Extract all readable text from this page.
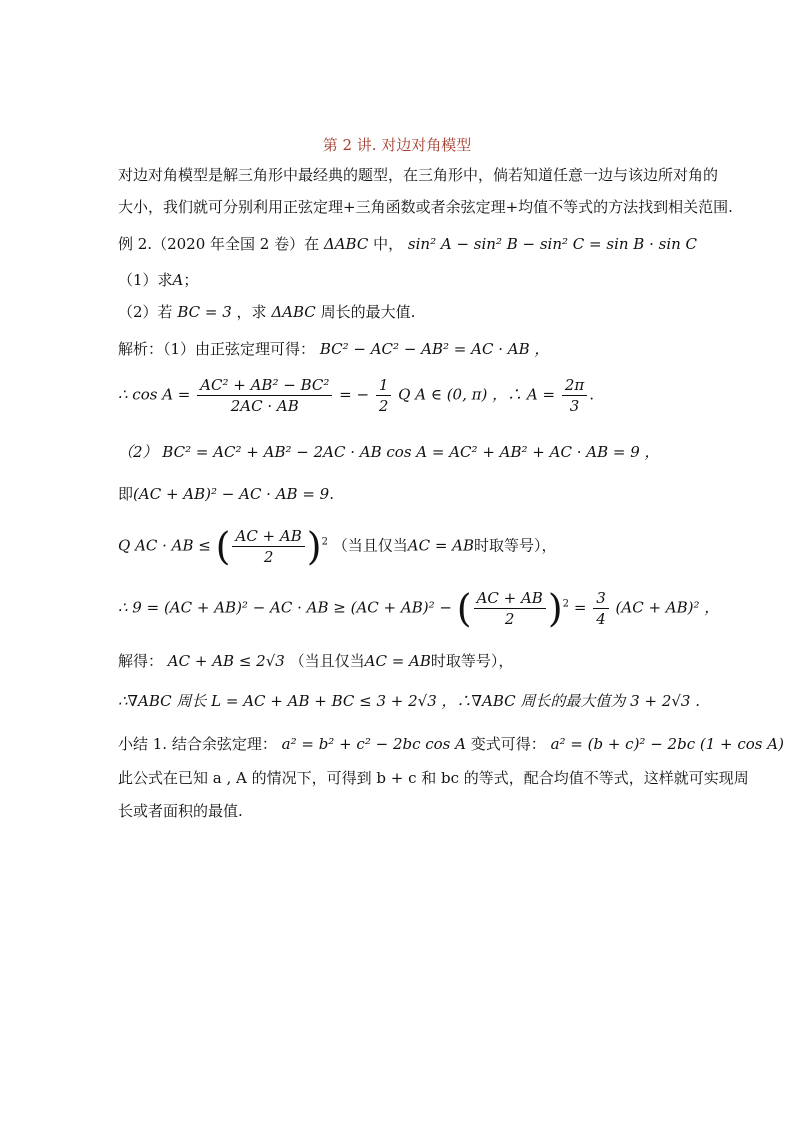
第 2 讲. 对边对角模型
对边对角模型是解三角形中最经典的题型，在三角形中，倘若知道任意一边与该边所对角的
大小，我们就可分别利用正弦定理+三角函数或者余弦定理+均值不等式的方法找到相关范围.
例 2.（2020 年全国 2 卷）在 ΔABC 中， sin² A − sin² B − sin² C = sin B · sin C
（1）求A；
（2）若 BC = 3 ，求 ΔABC 周长的最大值.
解析：（1）由正弦定理可得： BC² − AC² − AB² = AC · AB ，
∴ $\cos A = \frac{\text{AC² + AB² − BC²}}{2AC \cdot AB}$ = − $\frac{1}{2}$ Q A ∈ (0, π) ，∴ $A = \frac{2\pi}{3}$ .
（2） BC² = AC² + AB² − 2AC · AB cos A = AC² + AB² + AC · AB = 9 ，
即(AC + AB)² − AC · AB = 9.
Q AC · AB ≤ ( $\frac{AC + AB}{2} )^2$ （当且仅当AC = AB时取等号），
∴ 9 = (AC + AB)² − AC · AB ≥ (AC + AB)² − ( $\frac{AC + AB}{2} )^2 = \frac{3}{4} (AC + AB)^2$ ，
解得： AC + AB ≤ 2√3 （当且仅当AC = AB时取等号），
∴∇ABC 周长 L = AC + AB + BC ≤ 3 + 2√3 ，∴∇ABC 周长的最大值为 3 + 2√3 .
小结 1. 结合余弦定理： a² = b² + c² − 2bc cos A 变式可得： a² = (b + c)² − 2bc (1 + cos A)
此公式在已知 a , A 的情况下，可得到 b + c 和 bc 的等式，配合均值不等式，这样就可实现周
长或者面积的最值.
